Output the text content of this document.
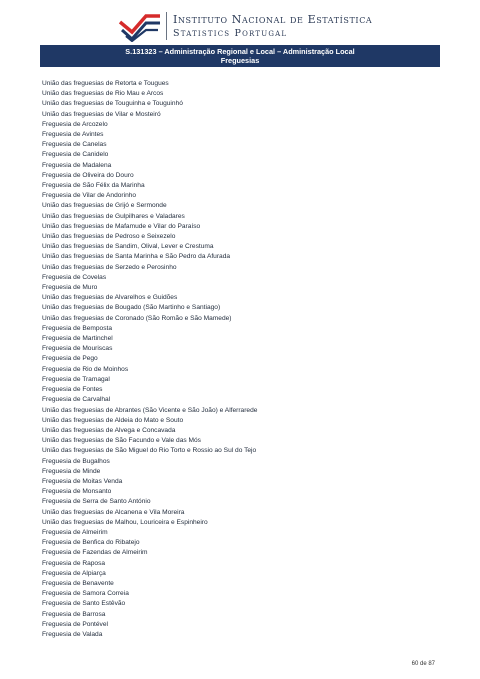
Instituto Nacional de Estatística
Statistics Portugal
S.131323 – Administração Regional e Local – Administração Local
Freguesias
União das freguesias de Retorta e Tougues
União das freguesias de Rio Mau e Arcos
União das freguesias de Touguinha e Touguinhó
União das freguesias de Vilar e Mosteiró
Freguesia de Arcozelo
Freguesia de Avintes
Freguesia de Canelas
Freguesia de Canidelo
Freguesia de Madalena
Freguesia de Oliveira do Douro
Freguesia de São Félix da Marinha
Freguesia de Vilar de Andorinho
União das freguesias de Grijó e Sermonde
União das freguesias de Gulpilhares e Valadares
União das freguesias de Mafamude e Vilar do Paraíso
União das freguesias de Pedroso e Seixezelo
União das freguesias de Sandim, Olival, Lever e Crestuma
União das freguesias de Santa Marinha e São Pedro da Afurada
União das freguesias de Serzedo e Perosinho
Freguesia de Covelas
Freguesia de Muro
União das freguesias de Alvarelhos e Guidões
União das freguesias de Bougado (São Martinho e Santiago)
União das freguesias de Coronado (São Romão e São Mamede)
Freguesia de Bemposta
Freguesia de Martinchel
Freguesia de Mouriscas
Freguesia de Pego
Freguesia de Rio de Moinhos
Freguesia de Tramagal
Freguesia de Fontes
Freguesia de Carvalhal
União das freguesias de Abrantes (São Vicente e São João) e Alferrarede
União das freguesias de Aldeia do Mato e Souto
União das freguesias de Alvega e Concavada
União das freguesias de São Facundo e Vale das Mós
União das freguesias de São Miguel do Rio Torto e Rossio ao Sul do Tejo
Freguesia de Bugalhos
Freguesia de Minde
Freguesia de Moitas Venda
Freguesia de Monsanto
Freguesia de Serra de Santo António
União das freguesias de Alcanena e Vila Moreira
União das freguesias de Malhou, Louriceira e Espinheiro
Freguesia de Almeirim
Freguesia de Benfica do Ribatejo
Freguesia de Fazendas de Almeirim
Freguesia de Raposa
Freguesia de Alpiarça
Freguesia de Benavente
Freguesia de Samora Correia
Freguesia de Santo Estêvão
Freguesia de Barrosa
Freguesia de Pontével
Freguesia de Valada
60 de 87
